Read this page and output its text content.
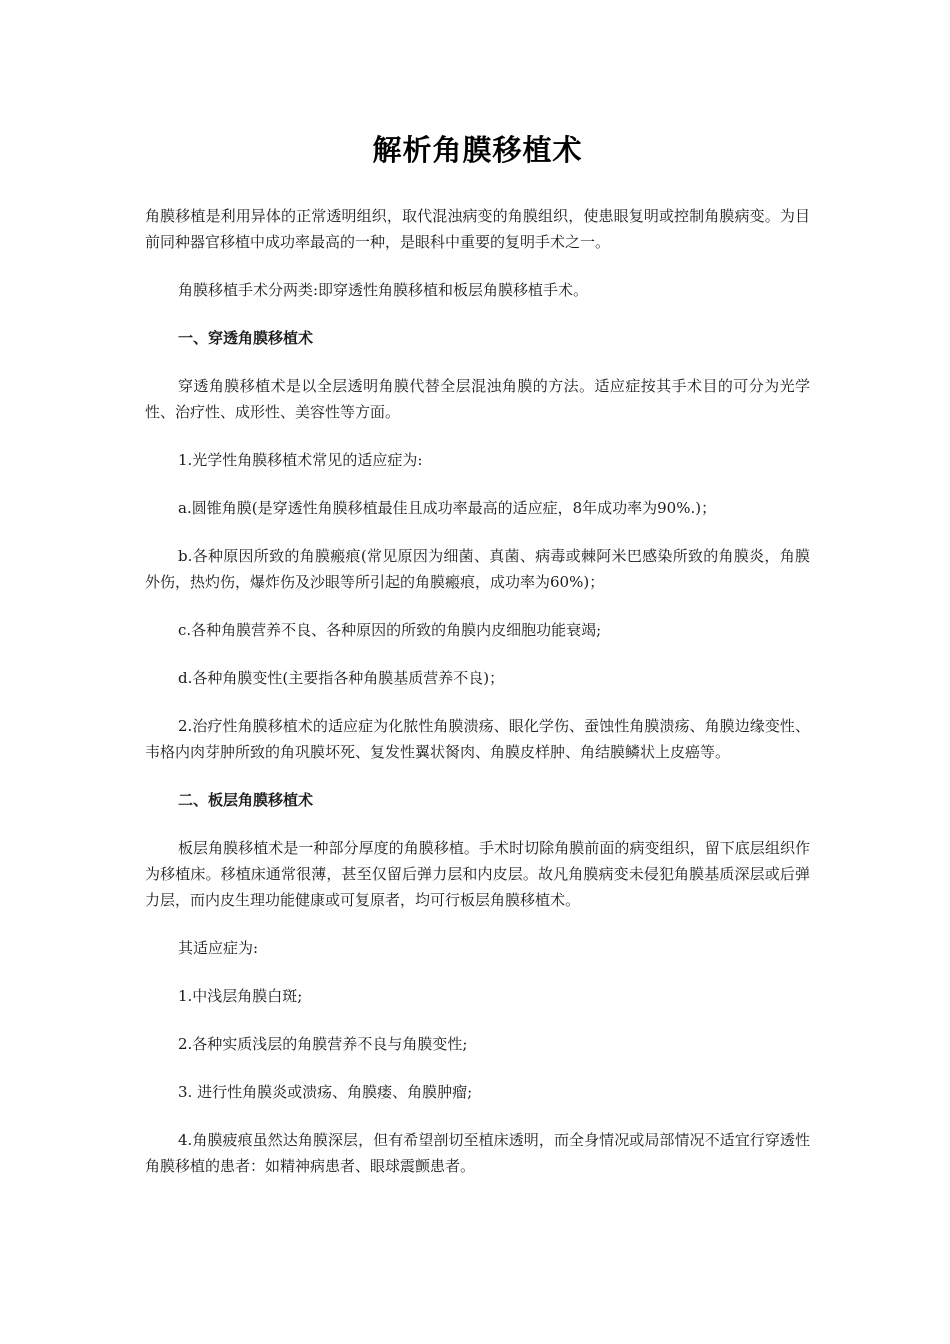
解析角膜移植术

角膜移植是利用异体的正常透明组织，取代混浊病变的角膜组织，使患眼复明或控制角膜病变。为目前同种器官移植中成功率最高的一种，是眼科中重要的复明手术之一。

角膜移植手术分两类:即穿透性角膜移植和板层角膜移植手术。

一、穿透角膜移植术

穿透角膜移植术是以全层透明角膜代替全层混浊角膜的方法。适应症按其手术目的可分为光学性、治疗性、成形性、美容性等方面。

1.光学性角膜移植术常见的适应症为:

a.圆锥角膜(是穿透性角膜移植最佳且成功率最高的适应症，8年成功率为90%.)；

b.各种原因所致的角膜瘢痕(常见原因为细菌、真菌、病毒或棘阿米巴感染所致的角膜炎，角膜外伤，热灼伤，爆炸伤及沙眼等所引起的角膜瘢痕，成功率为60%)；

c.各种角膜营养不良、各种原因的所致的角膜内皮细胞功能衰竭;

d.各种角膜变性(主要指各种角膜基质营养不良)；

2.治疗性角膜移植术的适应症为化脓性角膜溃疡、眼化学伤、蚕蚀性角膜溃疡、角膜边缘变性、韦格内肉芽肿所致的角巩膜坏死、复发性翼状胬肉、角膜皮样肿、角结膜鳞状上皮癌等。

二、板层角膜移植术

板层角膜移植术是一种部分厚度的角膜移植。手术时切除角膜前面的病变组织，留下底层组织作为移植床。移植床通常很薄，甚至仅留后弹力层和内皮层。故凡角膜病变未侵犯角膜基质深层或后弹力层，而内皮生理功能健康或可复原者，均可行板层角膜移植术。

其适应症为:

1.中浅层角膜白斑;

2.各种实质浅层的角膜营养不良与角膜变性;

3. 进行性角膜炎或溃疡、角膜瘘、角膜肿瘤;

4.角膜疲痕虽然达角膜深层，但有希望剖切至植床透明，而全身情况或局部情况不适宜行穿透性角膜移植的患者：如精神病患者、眼球震颤患者。
